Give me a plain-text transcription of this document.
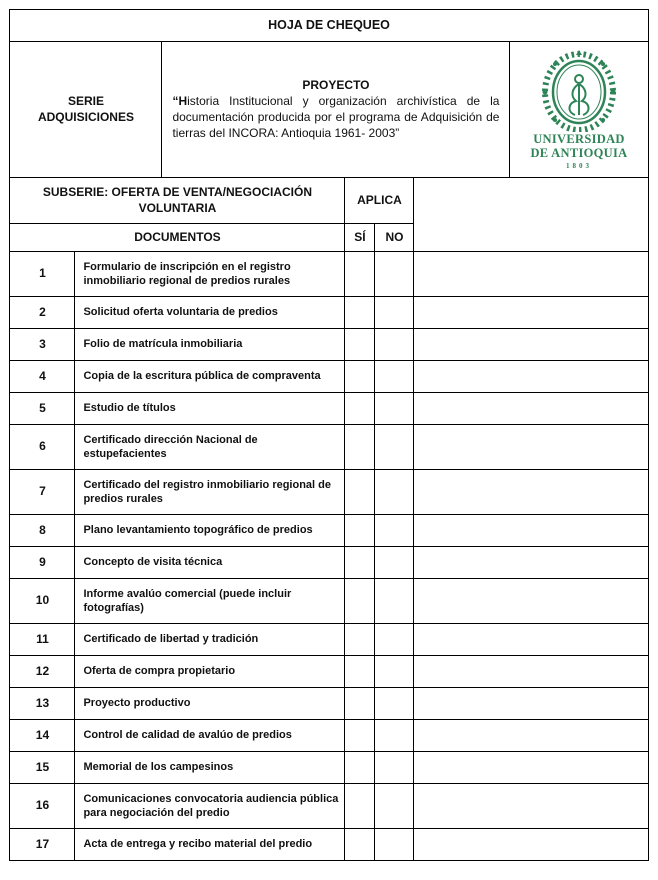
HOJA DE CHEQUEO						

SERIE
ADQUISICIONES

PROYECTO
“Historia Institucional y organización archivística de la documentación producida por el programa de Adquisición de tierras del INCORA: Antioquia 1961- 2003”	UNIVERSIDAD
DE ANTIOQUIA
1803

SUBSERIE: OFERTA DE VENTA/NEGOCIACIÓN VOLUNTARIA			APLICA			
DOCUMENTOS			SÍ	NO		
1	Formulario de inscripción en el registro inmobiliario regional de predios rurales					
2	Solicitud oferta voluntaria de predios					
3	Folio de matrícula inmobiliaria					
4	Copia de la escritura pública de compraventa					
5	Estudio de títulos					
6	Certificado dirección Nacional de estupefacientes					
7	Certificado del registro inmobiliario regional de predios rurales					
8	Plano levantamiento topográfico de predios					
9	Concepto de visita técnica					
10	Informe avalúo comercial (puede incluir fotografías)					
11	Certificado de libertad y tradición					
12	Oferta de compra propietario					
13	Proyecto productivo					
14	Control de calidad de avalúo de predios					
15	Memorial de los campesinos					
16	Comunicaciones convocatoria audiencia pública para negociación del predio					
17	Acta de entrega y recibo material del predio					
